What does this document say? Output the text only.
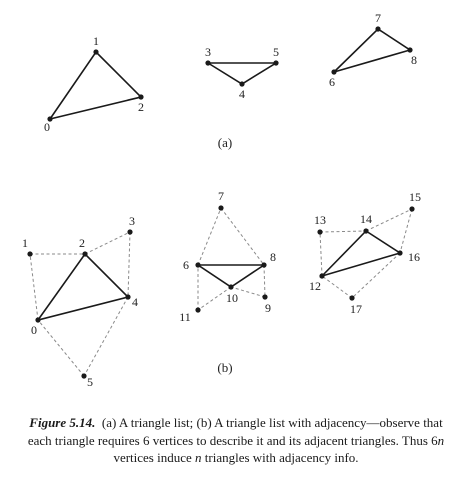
0
1
2
3
4
5
6
7
8
(a)
0
1	2
3
4
5
6
7
8
9
10
11
12
13	14
15
16
17
(b)
Figure 5.14. (a) A triangle list; (b) A triangle list with adjacency—observe that each triangle requires 6 vertices to describe it and its adjacent triangles. Thus 6n vertices induce n triangles with adjacency info.
